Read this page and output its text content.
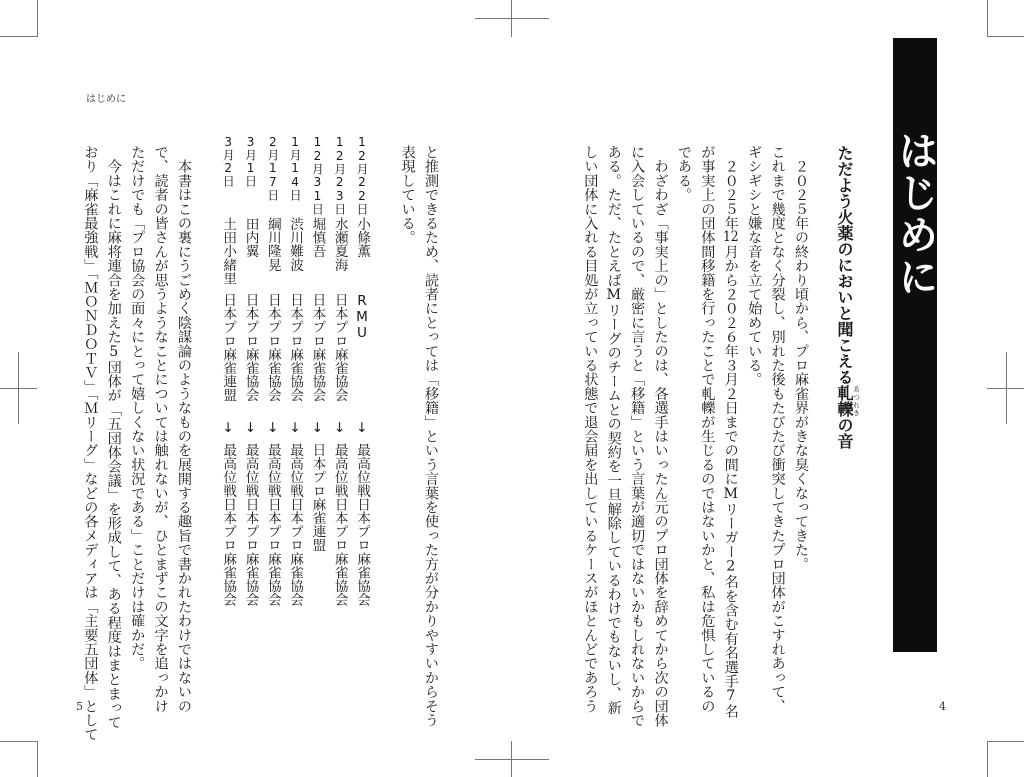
はじめに
5	4
はじめに
ただよう火薬のにおいと聞こえる軋轢あつれきの音
　２０２５年の終わり頃から、プロ麻雀界がきな臭くなってきた。
これまで幾度となく分裂し、別れた後もたびたび衝突してきたプロ団体がこすれあって、
ギシギシと嫌な音を立て始めている。
　２０２５年12月から２０２６年３月２日までの間にMリーガー2名を含む有名選手7名
が事実上の団体間移籍を行ったことで軋轢が生じるのではないかと、私は危惧しているの
である。
　わざわざ「事実上の」としたのは、各選手はいったん元のプロ団体を辞めてから次の団体
に入会しているので、厳密に言うと「移籍」という言葉が適切ではないかもしれないからで
ある。ただ、たとえばMリーグのチームとの契約を一旦解除しているわけでもないし、新
しい団体に入れる目処が立っている状態で退会届を出しているケースがほとんどであろう
と推測できるため、読者にとっては「移籍」という言葉を使った方が分かりやすいからそう
表現している。
12月22日
小條薫
RMU
↓
最高位戦日本プロ麻雀協会
12月23日
水瀬夏海
日本プロ麻雀協会
↓
最高位戦日本プロ麻雀協会
12月31日
堀慎吾
日本プロ麻雀協会
↓
日本プロ麻雀連盟
1月14日
渋川難波
日本プロ麻雀協会
↓
最高位戦日本プロ麻雀協会
2月17日
綱川隆晃
日本プロ麻雀協会
↓
最高位戦日本プロ麻雀協会
3月1日
田内翼
日本プロ麻雀協会
↓
最高位戦日本プロ麻雀協会
3月2日
土田小緒里
日本プロ麻雀連盟
↓
最高位戦日本プロ麻雀協会
　本書はこの裏にうごめく陰謀論のようなものを展開する趣旨で書かれたわけではないの
で、読者の皆さんが思うようなことについては触れないが、ひとまずこの文字を追っかけ
ただけでも「プロ協会の面々にとって嬉しくない状況である」ことだけは確かだ。
　今はこれに麻将連合を加えた5団体が「五団体会議」を形成して、ある程度はまとまって
おり「麻雀最強戦」「ＭＯＮＤＯＴＶ」「Ｍリーグ」などの各メディアは「主要五団体」として
